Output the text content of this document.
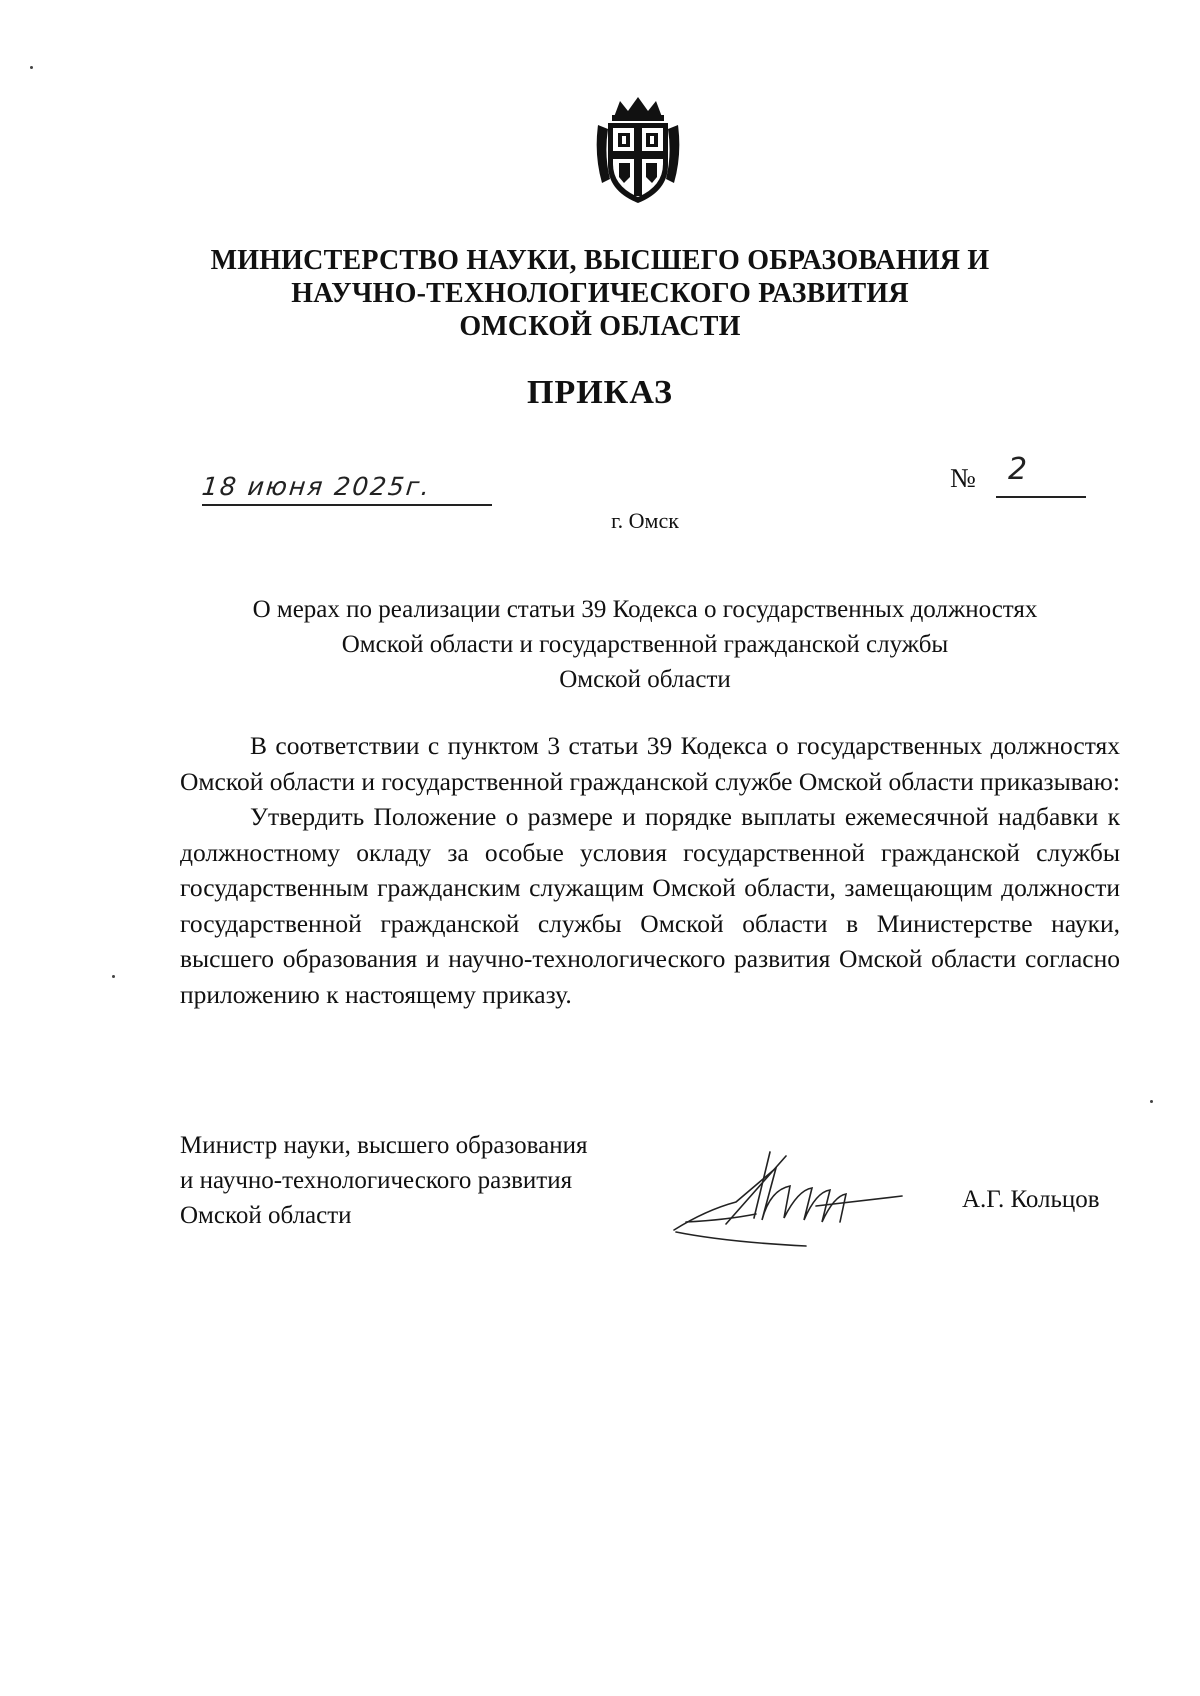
МИНИСТЕРСТВО НАУКИ, ВЫСШЕГО ОБРАЗОВАНИЯ И
НАУЧНО-ТЕХНОЛОГИЧЕСКОГО РАЗВИТИЯ
ОМСКОЙ ОБЛАСТИ
ПРИКАЗ
18 июня 2025г.	№ 2
г. Омск
О мерах по реализации статьи 39 Кодекса о государственных должностях
Омской области и государственной гражданской службы
Омской области

В соответствии с пунктом 3 статьи 39 Кодекса о государственных должностях Омской области и государственной гражданской службе Омской области приказываю:

Утвердить Положение о размере и порядке выплаты ежемесячной надбавки к должностному окладу за особые условия государственной гражданской службы государственным гражданским служащим Омской области, замещающим должности государственной гражданской службы Омской области в Министерстве науки, высшего образования и научно-технологического развития Омской области согласно приложению к настоящему приказу.

Министр науки, высшего образования
и научно-технологического развития
Омской области
А.Г. Кольцов
